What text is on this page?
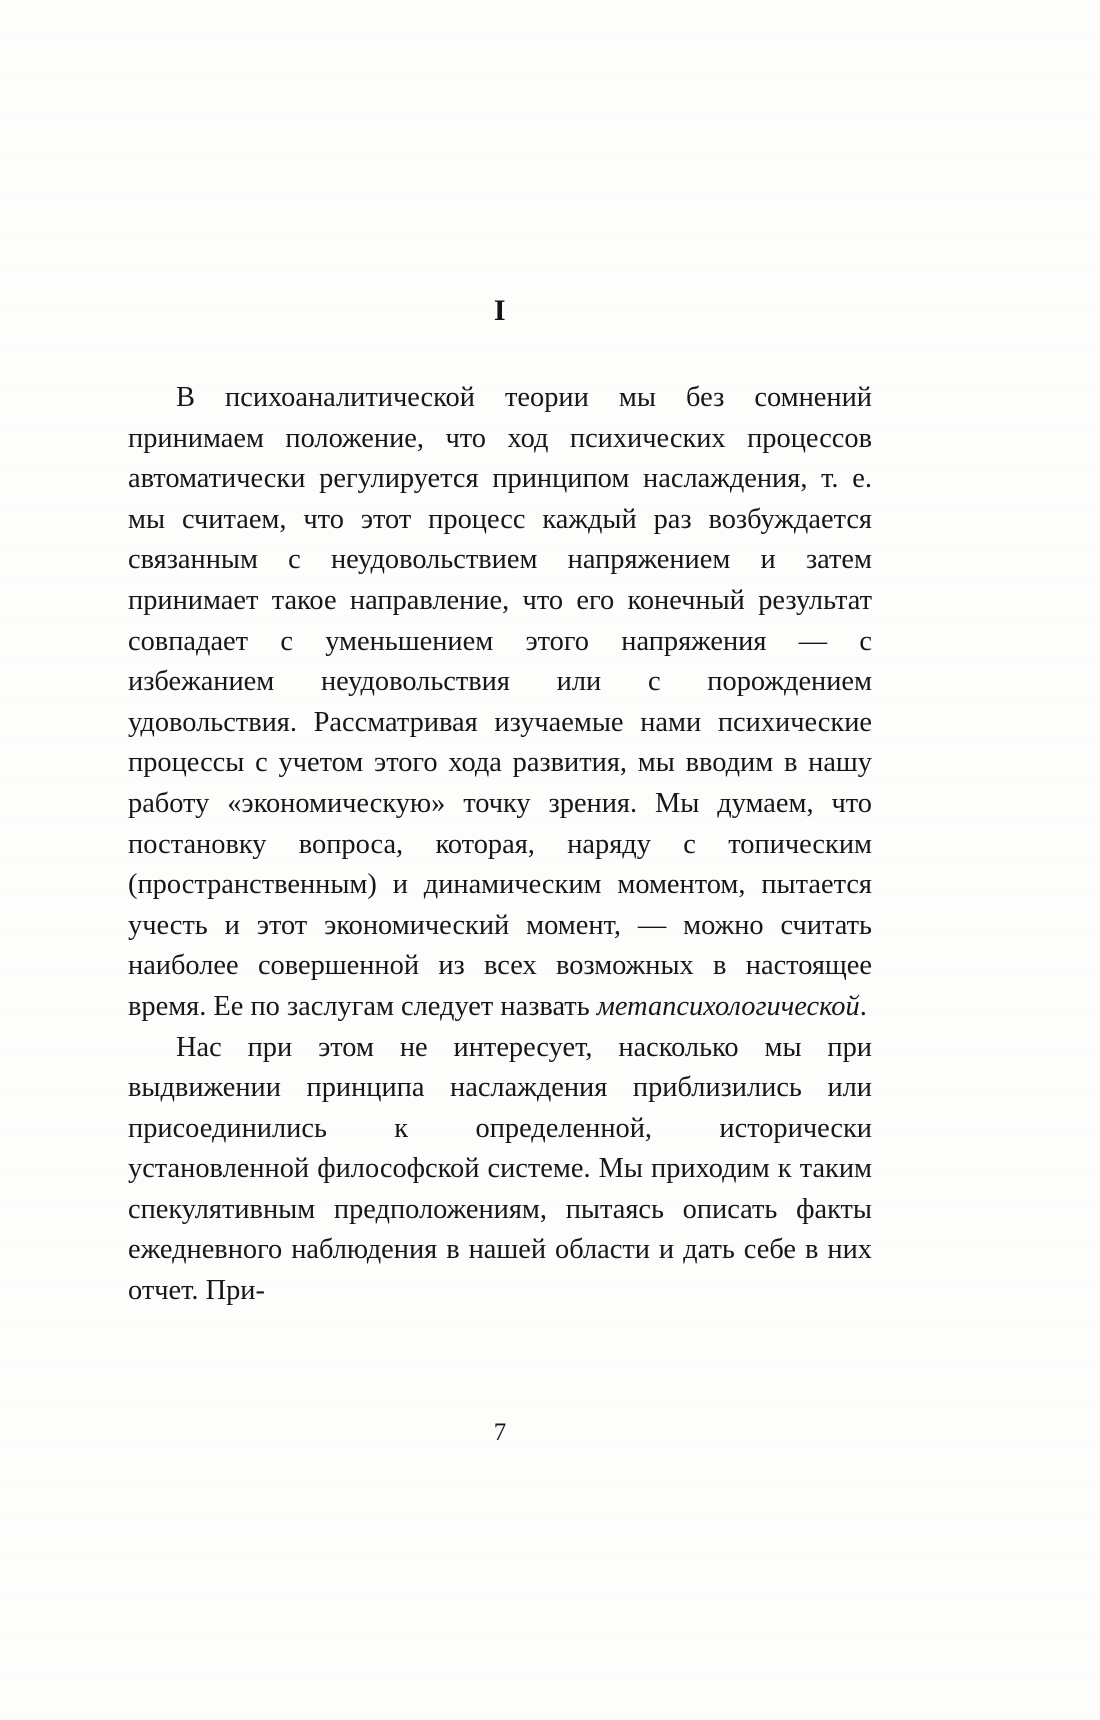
I

В психоаналитической теории мы без сомнений принимаем положение, что ход психических процессов автоматически регулируется принципом наслаждения, т. е. мы считаем, что этот процесс каждый раз возбуждается связанным с неудовольствием напряжением и затем принимает такое направление, что его конечный результат совпадает с уменьшением этого напряжения — с избежанием неудовольствия или с порождением удовольствия. Рассматривая изучаемые нами психические процессы с учетом этого хода развития, мы вводим в нашу работу «экономическую» точку зрения. Мы думаем, что постановку вопроса, которая, наряду с топическим (пространственным) и динамическим моментом, пытается учесть и этот экономический момент, — можно считать наиболее совершенной из всех возможных в настоящее время. Ее по заслугам следует назвать метапсихологической.

Нас при этом не интересует, насколько мы при выдвижении принципа наслаждения приблизились или присоединились к определенной, исторически установленной философской системе. Мы приходим к таким спекулятивным предположениям, пытаясь описать факты ежедневного наблюдения в нашей области и дать себе в них отчет. При-

7
